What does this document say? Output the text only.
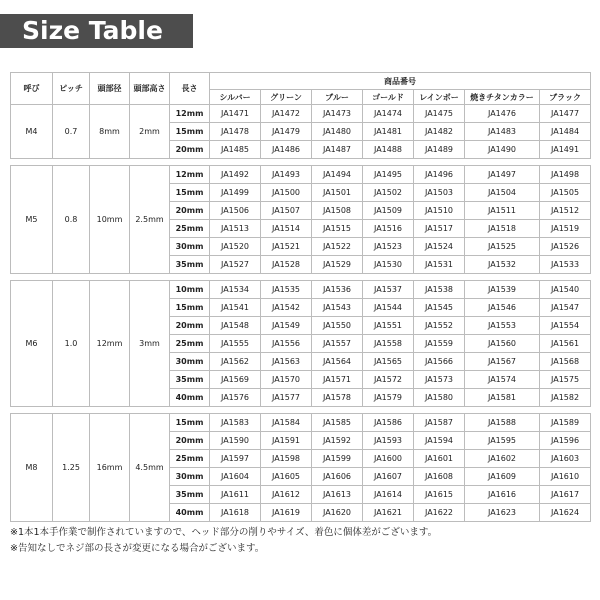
Size Table
呼び	ピッチ	頭部径	頭部高さ	長さ	商品番号						
					シルバー	グリーン	ブルー	ゴールド	レインボー	焼きチタンカラー	ブラック
M4	0.7	8mm	2mm	12mm	JA1471	JA1472	JA1473	JA1474	JA1475	JA1476	JA1477
				15mm	JA1478	JA1479	JA1480	JA1481	JA1482	JA1483	JA1484
				20mm	JA1485	JA1486	JA1487	JA1488	JA1489	JA1490	JA1491

M5	0.8	10mm	2.5mm	12mm	JA1492	JA1493	JA1494	JA1495	JA1496	JA1497	JA1498
				15mm	JA1499	JA1500	JA1501	JA1502	JA1503	JA1504	JA1505
				20mm	JA1506	JA1507	JA1508	JA1509	JA1510	JA1511	JA1512
				25mm	JA1513	JA1514	JA1515	JA1516	JA1517	JA1518	JA1519
				30mm	JA1520	JA1521	JA1522	JA1523	JA1524	JA1525	JA1526
				35mm	JA1527	JA1528	JA1529	JA1530	JA1531	JA1532	JA1533

M6	1.0	12mm	3mm	10mm	JA1534	JA1535	JA1536	JA1537	JA1538	JA1539	JA1540
				15mm	JA1541	JA1542	JA1543	JA1544	JA1545	JA1546	JA1547
				20mm	JA1548	JA1549	JA1550	JA1551	JA1552	JA1553	JA1554
				25mm	JA1555	JA1556	JA1557	JA1558	JA1559	JA1560	JA1561
				30mm	JA1562	JA1563	JA1564	JA1565	JA1566	JA1567	JA1568
				35mm	JA1569	JA1570	JA1571	JA1572	JA1573	JA1574	JA1575
				40mm	JA1576	JA1577	JA1578	JA1579	JA1580	JA1581	JA1582

M8	1.25	16mm	4.5mm	15mm	JA1583	JA1584	JA1585	JA1586	JA1587	JA1588	JA1589
				20mm	JA1590	JA1591	JA1592	JA1593	JA1594	JA1595	JA1596
				25mm	JA1597	JA1598	JA1599	JA1600	JA1601	JA1602	JA1603
				30mm	JA1604	JA1605	JA1606	JA1607	JA1608	JA1609	JA1610
				35mm	JA1611	JA1612	JA1613	JA1614	JA1615	JA1616	JA1617
				40mm	JA1618	JA1619	JA1620	JA1621	JA1622	JA1623	JA1624
※1本1本手作業で制作されていますので、ヘッド部分の削りやサイズ、着色に個体差がございます。
※告知なしでネジ部の長さが変更になる場合がございます。
